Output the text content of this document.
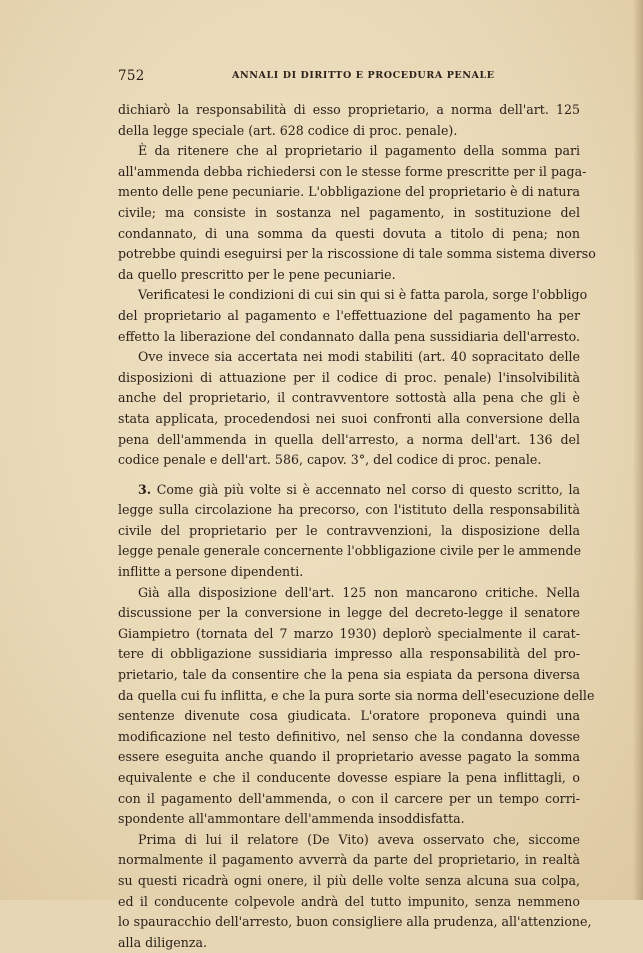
752	ANNALI DI DIRITTO E PROCEDURA PENALE
dichiarò la responsabilità di esso proprietario, a norma dell'art. 125
della legge speciale (art. 628 codice di proc. penale).
È da ritenere che al proprietario il pagamento della somma pari
all'ammenda debba richiedersi con le stesse forme prescritte per il paga-
mento delle pene pecuniarie. L'obbligazione del proprietario è di natura
civile; ma consiste in sostanza nel pagamento, in sostituzione del
condannato, di una somma da questi dovuta a titolo di pena; non
potrebbe quindi eseguirsi per la riscossione di tale somma sistema diverso
da quello prescritto per le pene pecuniarie.
Verificatesi le condizioni di cui sin qui si è fatta parola, sorge l'obbligo
del proprietario al pagamento e l'effettuazione del pagamento ha per
effetto la liberazione del condannato dalla pena sussidiaria dell'arresto.
Ove invece sia accertata nei modi stabiliti (art. 40 sopracitato delle
disposizioni di attuazione per il codice di proc. penale) l'insolvibilità
anche del proprietario, il contravventore sottostà alla pena che gli è
stata applicata, procedendosi nei suoi confronti alla conversione della
pena dell'ammenda in quella dell'arresto, a norma dell'art. 136 del
codice penale e dell'art. 586, capov. 3°, del codice di proc. penale.
3. Come già più volte si è accennato nel corso di questo scritto, la
legge sulla circolazione ha precorso, con l'istituto della responsabilità
civile del proprietario per le contravvenzioni, la disposizione della
legge penale generale concernente l'obbligazione civile per le ammende
inflitte a persone dipendenti.
Già alla disposizione dell'art. 125 non mancarono critiche. Nella
discussione per la conversione in legge del decreto-legge il senatore
Giampietro (tornata del 7 marzo 1930) deplorò specialmente il carat-
tere di obbligazione sussidiaria impresso alla responsabilità del pro-
prietario, tale da consentire che la pena sia espiata da persona diversa
da quella cui fu inflitta, e che la pura sorte sia norma dell'esecuzione delle
sentenze divenute cosa giudicata. L'oratore proponeva quindi una
modificazione nel testo definitivo, nel senso che la condanna dovesse
essere eseguita anche quando il proprietario avesse pagato la somma
equivalente e che il conducente dovesse espiare la pena inflittagli, o
con il pagamento dell'ammenda, o con il carcere per un tempo corri-
spondente all'ammontare dell'ammenda insoddisfatta.
Prima di lui il relatore (De Vito) aveva osservato che, siccome
normalmente il pagamento avverrà da parte del proprietario, in realtà
su questi ricadrà ogni onere, il più delle volte senza alcuna sua colpa,
ed il conducente colpevole andrà del tutto impunito, senza nemmeno
lo spauracchio dell'arresto, buon consigliere alla prudenza, all'attenzione,
alla diligenza.
